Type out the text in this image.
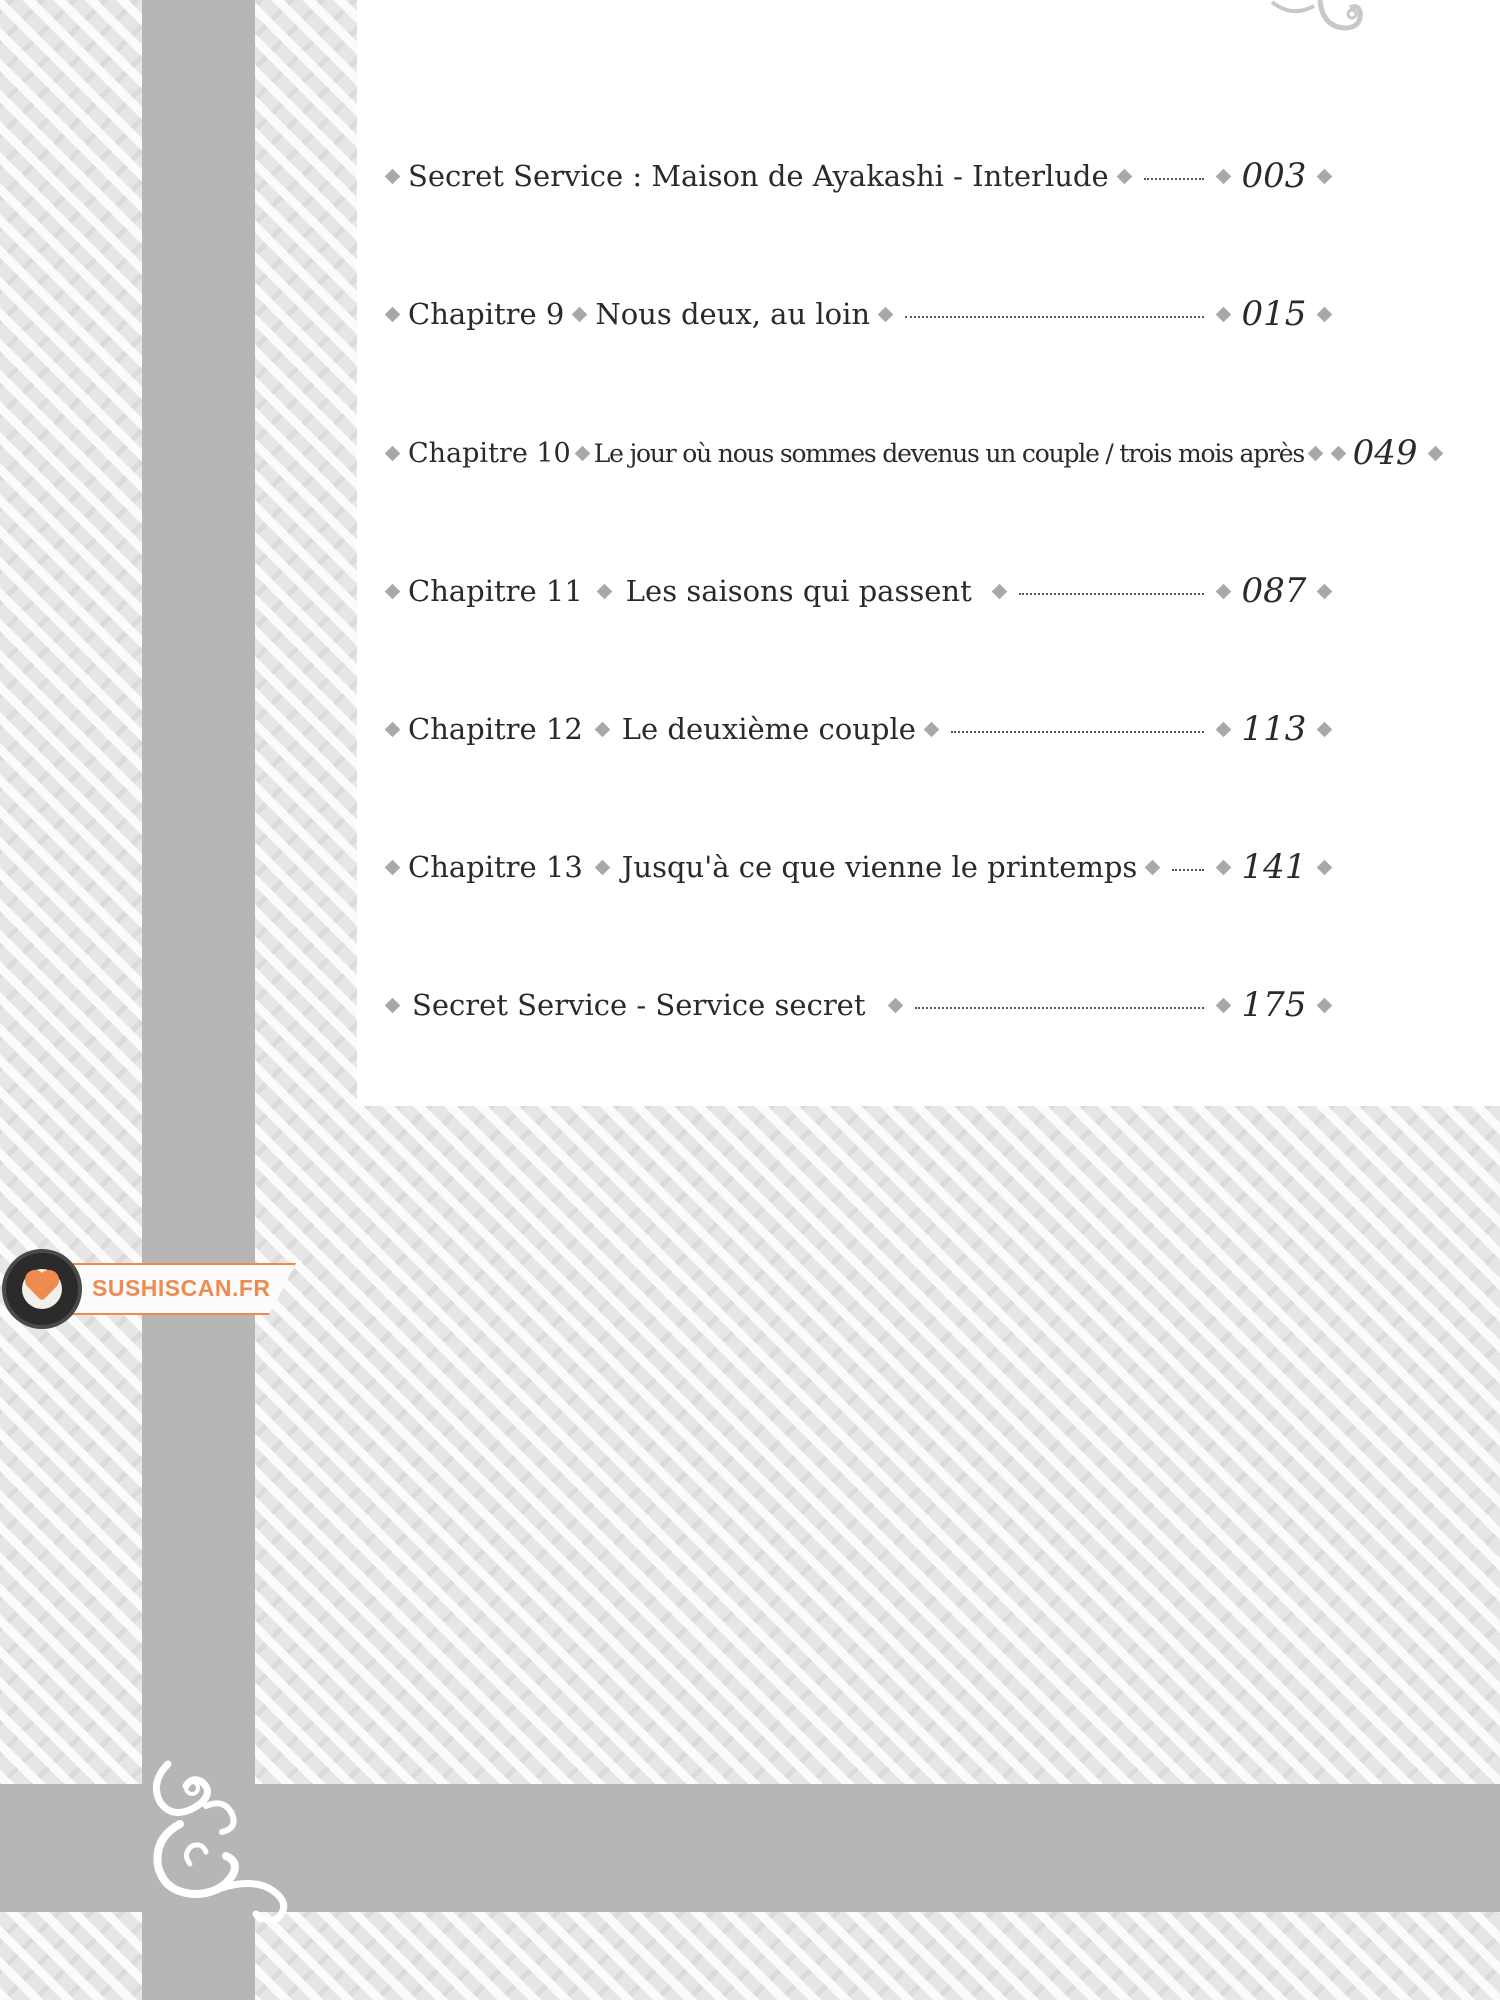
Secret Service : Maison de Ayakashi - Interlude	003
Chapitre 9 Nous deux, au loin	015
Chapitre 10 Le jour où nous sommes devenus un couple / trois mois après 049
Chapitre 11 Les saisons qui passent	087
Chapitre 12 Le deuxième couple	113
Chapitre 13 Jusqu'à ce que vienne le printemps	141
Secret Service - Service secret	175
SUSHISCAN.FR
